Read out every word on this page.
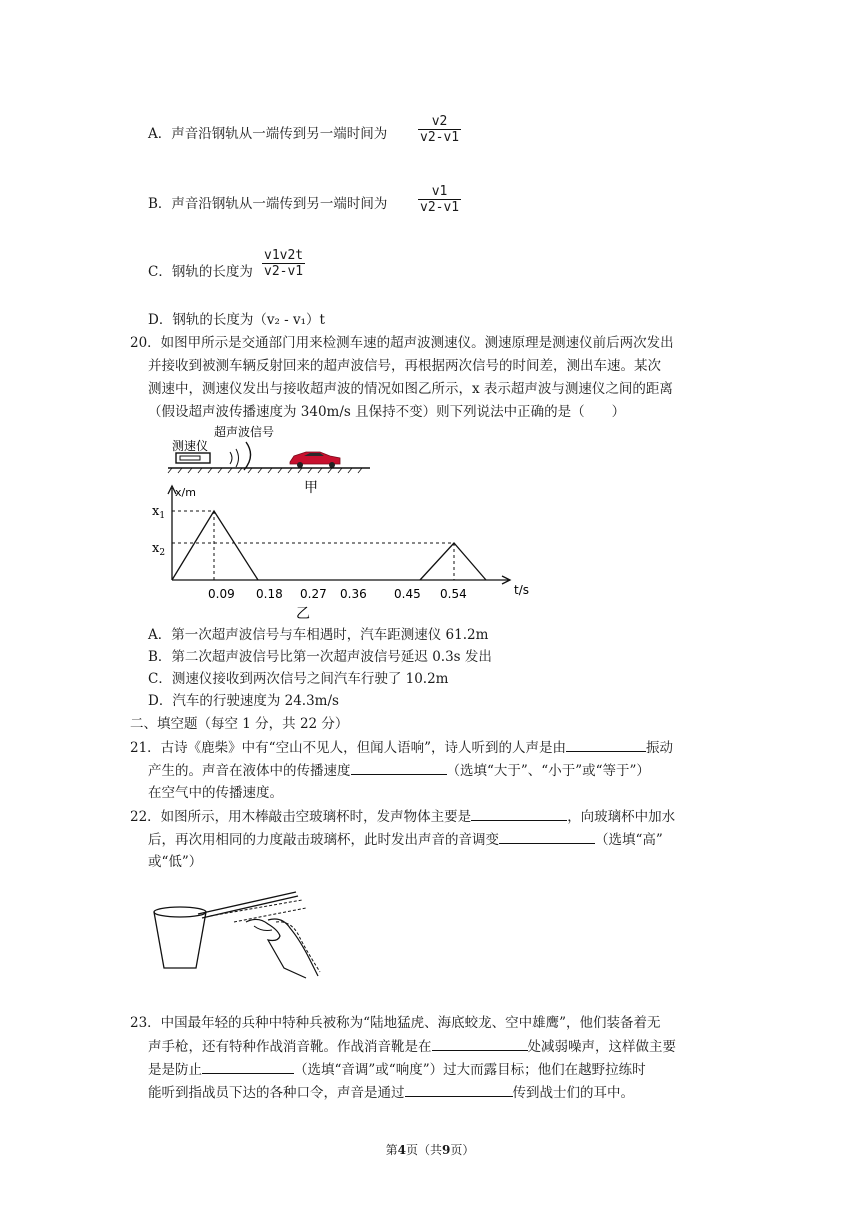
A．声音沿钢轨从一端传到另一端时间为 $\frac{v2}{v2-v1}$
B．声音沿钢轨从一端传到另一端时间为 $\frac{v1}{v2-v1}$
C．钢轨的长度为 $\frac{v1v2t}{v2-v1}$
D．钢轨的长度为（v₂ - v₁）t
20．如图甲所示是交通部门用来检测车速的超声波测速仪。测速原理是测速仪前后两次发出
并接收到被测车辆反射回来的超声波信号，再根据两次信号的时间差，测出车速。某次
测速中，测速仪发出与接收超声波的情况如图乙所示，x 表示超声波与测速仪之间的距离
（假设超声波传播速度为 340m/s 且保持不变）则下列说法中正确的是（　　）
测速仪
超声波信号
甲
x/m
t/s
$x_1$
$x_2$
0.09 0.18 0.27 0.36 0.45 0.54
乙
A．第一次超声波信号与车相遇时，汽车距测速仪 61.2m
B．第二次超声波信号比第一次超声波信号延迟 0.3s 发出
C．测速仪接收到两次信号之间汽车行驶了 10.2m
D．汽车的行驶速度为 24.3m/s
二、填空题（每空 1 分，共 22 分）
21．古诗《鹿柴》中有“空山不见人，但闻人语响”，诗人听到的人声是由	振动
产生的。声音在液体中的传播速度	（选填“大于”、“小于”或“等于”）
在空气中的传播速度。
22．如图所示，用木棒敲击空玻璃杯时，发声物体主要是	，向玻璃杯中加水
后，再次用相同的力度敲击玻璃杯，此时发出声音的音调变	（选填“高”
或“低”）
23．中国最年轻的兵种中特种兵被称为“陆地猛虎、海底蛟龙、空中雄鹰”，他们装备着无
声手枪，还有特种作战消音靴。作战消音靴是在	处减弱噪声，这样做主要
是是防止	（选填“音调”或“响度”）过大而露目标；他们在越野拉练时
能听到指战员下达的各种口令，声音是通过	传到战士们的耳中。
第4页（共9页）
